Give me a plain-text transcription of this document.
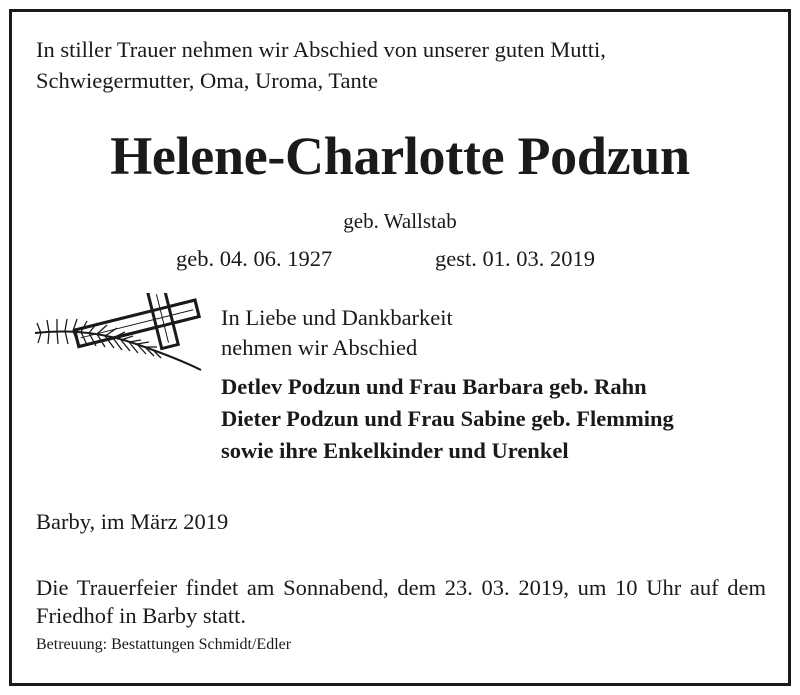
In stiller Trauer nehmen wir Abschied von unserer guten Mutti,
Schwiegermutter, Oma, Uroma, Tante
Helene-Charlotte Podzun
geb. Wallstab
geb. 04. 06. 1927	gest. 01. 03. 2019
In Liebe und Dankbarkeit
nehmen wir Abschied
Detlev Podzun und Frau Barbara geb. Rahn
Dieter Podzun und Frau Sabine geb. Flemming
sowie ihre Enkelkinder und Urenkel
Barby, im März 2019
Die Trauerfeier findet am Sonnabend, dem 23. 03. 2019, um 10 Uhr auf dem Friedhof in Barby statt.
Betreuung: Bestattungen Schmidt/Edler
